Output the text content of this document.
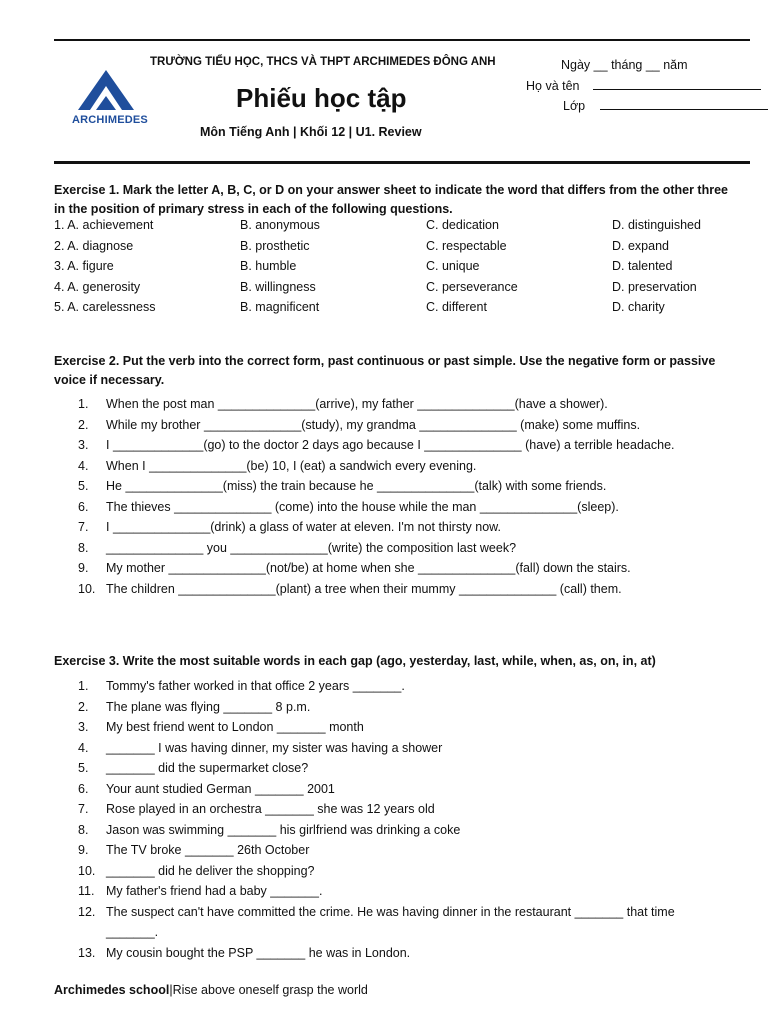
ARCHIMEDES
TRƯỜNG TIỂU HỌC, THCS VÀ THPT ARCHIMEDES ĐÔNG ANH
Phiếu học tập
Môn Tiếng Anh | Khối 12 | U1. Review
Ngày __ tháng __ năm
Họ và tên
Lớp
Exercise 1. Mark the letter A, B, C, or D on your answer sheet to indicate the word that differs from the other three in the position of primary stress in each of the following questions.
1. A. achievement	B. anonymous	C. dedication	D. distinguished
2. A. diagnose	B. prosthetic	C. respectable	D. expand
3. A. figure	B. humble	C. unique	D. talented
4. A. generosity	B. willingness	C. perseverance	D. preservation
5. A. carelessness	B. magnificent	C. different	D. charity
Exercise 2. Put the verb into the correct form, past continuous or past simple. Use the negative form or passive voice if necessary.
1.	When the post man ______________(arrive), my father ______________(have a shower).
2.	While my brother ______________(study), my grandma ______________ (make) some muffins.
3.	I _____________(go) to the doctor 2 days ago because I ______________ (have) a terrible headache.
4.	When I ______________(be) 10, I (eat) a sandwich every evening.
5.	He ______________(miss) the train because he ______________(talk) with some friends.
6.	The thieves ______________ (come) into the house while the man ______________(sleep).
7.	I ______________(drink) a glass of water at eleven. I'm not thirsty now.
8.	______________ you ______________(write) the composition last week?
9.	My mother ______________(not/be) at home when she ______________(fall) down the stairs.
10. The children ______________(plant) a tree when their mummy ______________ (call) them.
Exercise 3. Write the most suitable words in each gap (ago, yesterday, last, while, when, as, on, in, at)
1.	Tommy's father worked in that office 2 years _______.
2.	The plane was flying _______ 8 p.m.
3.	My best friend went to London _______ month
4.	_______ I was having dinner, my sister was having a shower
5.	_______ did the supermarket close?
6.	Your aunt studied German _______ 2001
7.	Rose played in an orchestra _______ she was 12 years old
8.	Jason was swimming _______ his girlfriend was drinking a coke
9.	The TV broke _______ 26th October
10. _______ did he deliver the shopping?
11. My father's friend had a baby _______.
12. The suspect can't have committed the crime. He was having dinner in the restaurant _______ that time _______.
13. My cousin bought the PSP _______ he was in London.
Archimedes school|Rise above oneself grasp the world
